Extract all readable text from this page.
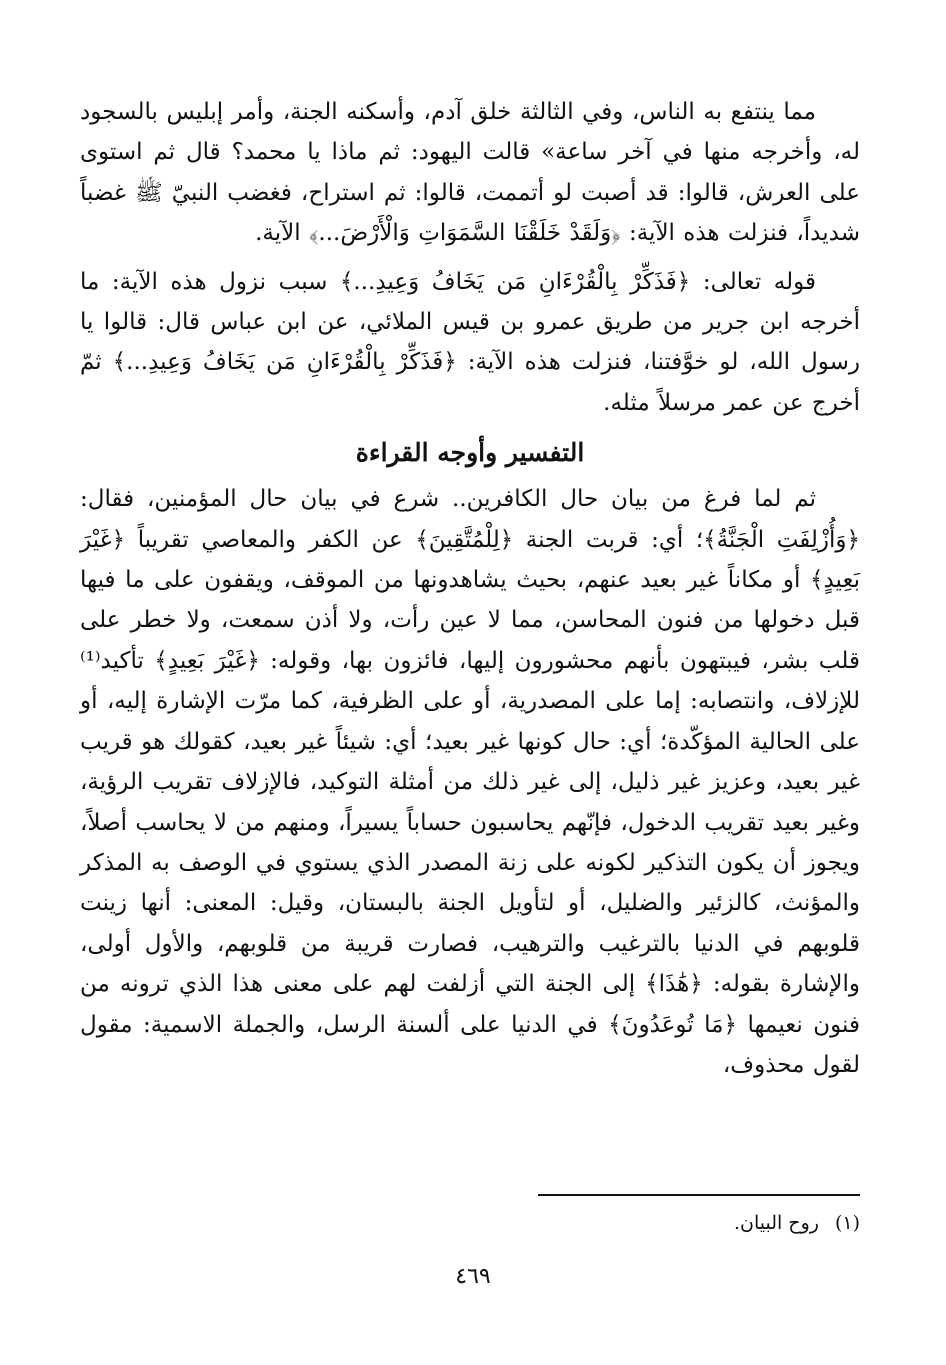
مما ينتفع به الناس، وفي الثالثة خلق آدم، وأسكنه الجنة، وأمر إبليس بالسجود له، وأخرجه منها في آخر ساعة» قالت اليهود: ثم ماذا يا محمد؟ قال ثم استوى على العرش، قالوا: قد أصبت لو أتممت، قالوا: ثم استراح، فغضب النبيّ ﷺ غضباً شديداً، فنزلت هذه الآية: ﴿وَلَقَدْ خَلَقْنَا السَّمَوَاتِ وَالْأَرْضَ...﴾ الآية.

قوله تعالى: ﴿فَذَكِّرْ بِالْقُرْءَانِ مَن يَخَافُ وَعِيدِ...﴾ سبب نزول هذه الآية: ما أخرجه ابن جرير من طريق عمرو بن قيس الملائي، عن ابن عباس قال: قالوا يا رسول الله، لو خوَّفتنا، فنزلت هذه الآية: ﴿فَذَكِّرْ بِالْقُرْءَانِ مَن يَخَافُ وَعِيدِ...﴾ ثمّ أخرج عن عمر مرسلاً مثله.

التفسير وأوجه القراءة

ثم لما فرغ من بيان حال الكافرين.. شرع في بيان حال المؤمنين، فقال: ﴿وَأُزْلِفَتِ الْجَنَّةُ﴾؛ أي: قربت الجنة ﴿لِلْمُتَّقِينَ﴾ عن الكفر والمعاصي تقريباً ﴿غَيْرَ بَعِيدٍ﴾ أو مكاناً غير بعيد عنهم، بحيث يشاهدونها من الموقف، ويقفون على ما فيها قبل دخولها من فنون المحاسن، مما لا عين رأت، ولا أذن سمعت، ولا خطر على قلب بشر، فيبتهون بأنهم محشورون إليها، فائزون بها، وقوله: ﴿غَيْرَ بَعِيدٍ﴾ تأكيد⁽¹⁾ للإزلاف، وانتصابه: إما على المصدرية، أو على الظرفية، كما مرّت الإشارة إليه، أو على الحالية المؤكّدة؛ أي: حال كونها غير بعيد؛ أي: شيئاً غير بعيد، كقولك هو قريب غير بعيد، وعزيز غير ذليل، إلى غير ذلك من أمثلة التوكيد، فالإزلاف تقريب الرؤية، وغير بعيد تقريب الدخول، فإنّهم يحاسبون حساباً يسيراً، ومنهم من لا يحاسب أصلاً، ويجوز أن يكون التذكير لكونه على زنة المصدر الذي يستوي في الوصف به المذكر والمؤنث، كالزئير والضليل، أو لتأويل الجنة بالبستان، وقيل: المعنى: أنها زينت قلوبهم في الدنيا بالترغيب والترهيب، فصارت قريبة من قلوبهم، والأول أولى، والإشارة بقوله: ﴿هَٰذَا﴾ إلى الجنة التي أزلفت لهم على معنى هذا الذي ترونه من فنون نعيمها ﴿مَا تُوعَدُونَ﴾ في الدنيا على ألسنة الرسل، والجملة الاسمية: مقول لقول محذوف،

(١)روح البيان.
٤٦٩
